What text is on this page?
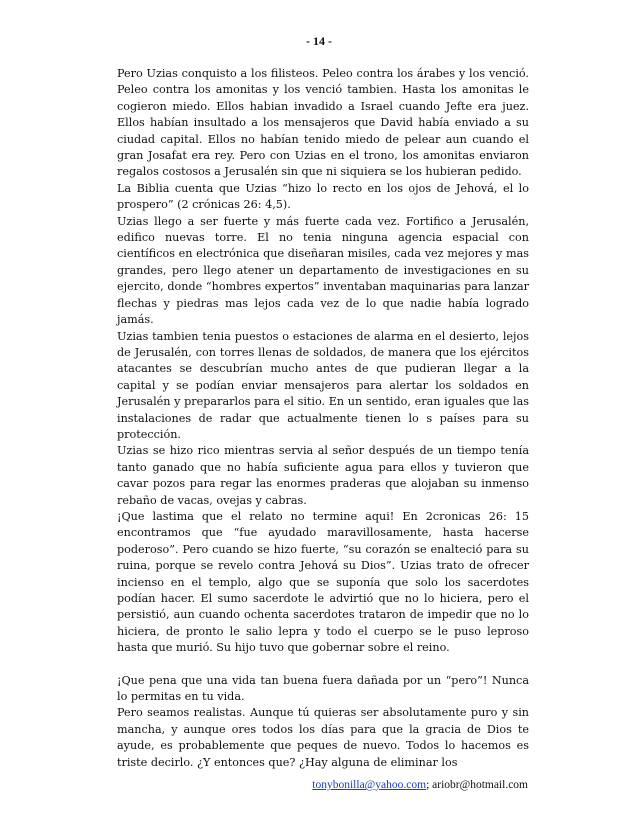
- 14 -

Pero Uzias conquisto a los filisteos. Peleo contra los árabes y los venció. Peleo contra los amonitas y los venció tambien. Hasta los amonitas le cogieron miedo. Ellos habian invadido a Israel cuando Jefte era juez. Ellos habían insultado a los mensajeros que David había enviado a su ciudad capital. Ellos no habían tenido miedo de pelear aun cuando el gran Josafat era rey. Pero con Uzias en el trono, los amonitas enviaron regalos costosos a Jerusalén sin que ni siquiera se los hubieran pedido.

La Biblia cuenta que Uzias “hizo lo recto en los ojos de Jehová, el lo prospero” (2 crónicas 26: 4,5).

Uzias llego a ser fuerte y más fuerte cada vez. Fortifico a Jerusalén, edifico nuevas torre. El no tenia ninguna agencia espacial con científicos en electrónica que diseñaran misiles, cada vez mejores y mas grandes, pero llego atener un departamento de investigaciones en su ejercito, donde “hombres expertos” inventaban maquinarias para lanzar flechas y piedras mas lejos cada vez de lo que nadie había logrado jamás.

Uzias tambien tenia puestos o estaciones de alarma en el desierto, lejos de Jerusalén, con torres llenas de soldados, de manera que los ejércitos atacantes se descubrían mucho antes de que pudieran llegar a la capital y se podían enviar mensajeros para alertar los soldados en Jerusalén y prepararlos para el sitio. En un sentido, eran iguales que las instalaciones de radar que actualmente tienen lo s países para su protección.

Uzias se hizo rico mientras servia al señor después de un tiempo tenía tanto ganado que no había suficiente agua para ellos y tuvieron que cavar pozos para regar las enormes praderas que alojaban su inmenso rebaño de vacas, ovejas y cabras.

¡Que lastima que el relato no termine aqui! En 2cronicas 26: 15 encontramos que “fue ayudado maravillosamente, hasta hacerse poderoso”. Pero cuando se hizo fuerte, “su corazón se enalteció para su ruina, porque se revelo contra Jehová su Dios”. Uzias trato de ofrecer incienso en el templo, algo que se suponía que solo los sacerdotes podían hacer. El sumo sacerdote le advirtió que no lo hiciera, pero el persistió, aun cuando ochenta sacerdotes trataron de impedir que no lo hiciera, de pronto le salio lepra y todo el cuerpo se le puso leproso hasta que murió. Su hijo tuvo que gobernar sobre el reino.

¡Que pena que una vida tan buena fuera dañada por un “pero”! Nunca lo permitas en tu vida.

Pero seamos realistas. Aunque tú quieras ser absolutamente puro y sin mancha, y aunque ores todos los días para que la gracia de Dios te ayude, es probablemente que peques de nuevo. Todos lo hacemos es triste decirlo. ¿Y entonces que? ¿Hay alguna de eliminar los

tonybonilla@yahoo.com; ariobr@hotmail.com
